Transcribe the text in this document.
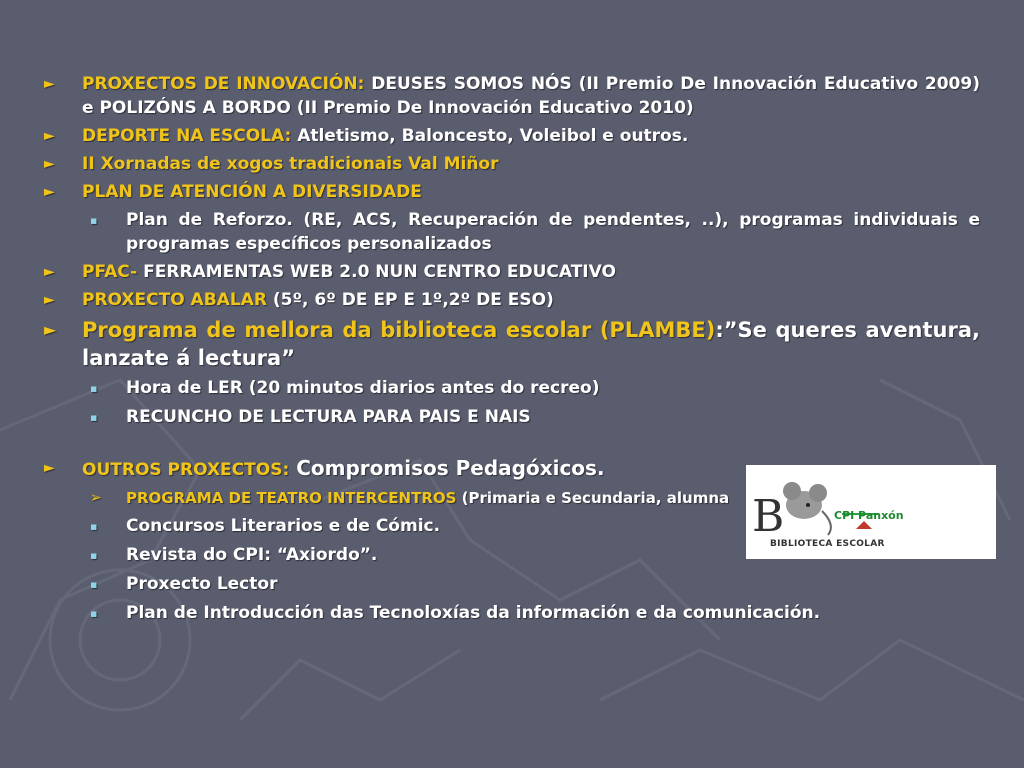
►	PROXECTOS DE INNOVACIÓN: DEUSES SOMOS NÓS (II Premio De Innovación Educativo 2009) e POLIZÓNS A BORDO (II Premio De Innovación Educativo 2010)
►	DEPORTE NA ESCOLA: Atletismo, Baloncesto, Voleibol e outros.
►	II Xornadas de xogos tradicionais Val Miñor
►	PLAN DE ATENCIÓN A DIVERSIDADE
▪	Plan de Reforzo. (RE, ACS, Recuperación de pendentes, ..), programas individuais e programas específicos personalizados
►	PFAC- FERRAMENTAS WEB 2.0 NUN CENTRO EDUCATIVO
►	PROXECTO ABALAR (5º, 6º DE EP E 1º,2º DE ESO)
►	Programa de mellora da biblioteca escolar (PLAMBE):”Se queres aventura, lanzate á lectura”
▪	Hora de LER (20 minutos diarios antes do recreo)
▪	RECUNCHO DE LECTURA PARA PAIS E NAIS
►	OUTROS PROXECTOS: Compromisos Pedagóxicos.
➢	PROGRAMA DE TEATRO INTERCENTROS (Primaria e Secundaria, alumna
▪	Concursos Literarios e de Cómic.
▪	Revista do CPI: “Axiordo”.
▪	Proxecto Lector
▪	Plan de Introducción das Tecnoloxías da información e da comunicación.
B	CPI Panxón
BIBLIOTECA ESCOLAR
